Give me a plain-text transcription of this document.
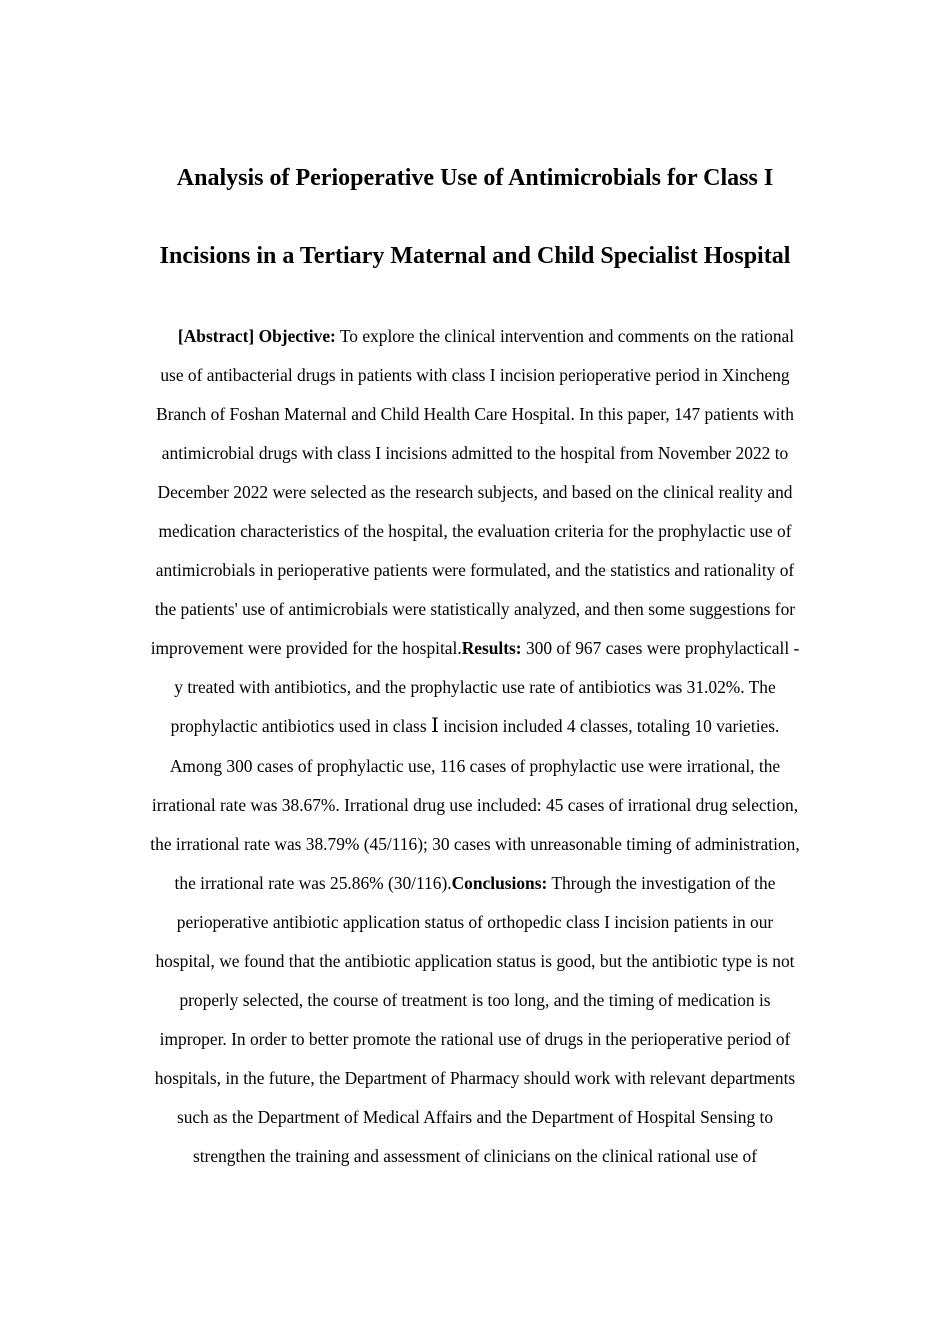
Analysis of Perioperative Use of Antimicrobials for Class I
Incisions in a Tertiary Maternal and Child Specialist Hospital
[Abstract] Objective: To explore the clinical intervention and comments on the rational
use of antibacterial drugs in patients with class I incision perioperative period in Xincheng
Branch of Foshan Maternal and Child Health Care Hospital. In this paper, 147 patients with
antimicrobial drugs with class I incisions admitted to the hospital from November 2022 to
December 2022 were selected as the research subjects, and based on the clinical reality and
medication characteristics of the hospital, the evaluation criteria for the prophylactic use of
antimicrobials in perioperative patients were formulated, and the statistics and rationality of
the patients' use of antimicrobials were statistically analyzed, and then some suggestions for
improvement were provided for the hospital.Results: 300 of 967 cases were prophylacticall -
y treated with antibiotics, and the prophylactic use rate of antibiotics was 31.02%. The
prophylactic antibiotics used in class Ⅰ incision included 4 classes, totaling 10 varieties.
Among 300 cases of prophylactic use, 116 cases of prophylactic use were irrational, the
irrational rate was 38.67%. Irrational drug use included: 45 cases of irrational drug selection,
the irrational rate was 38.79% (45/116); 30 cases with unreasonable timing of administration,
the irrational rate was 25.86% (30/116).Conclusions: Through the investigation of the
perioperative antibiotic application status of orthopedic class I incision patients in our
hospital, we found that the antibiotic application status is good, but the antibiotic type is not
properly selected, the course of treatment is too long, and the timing of medication is
improper. In order to better promote the rational use of drugs in the perioperative period of
hospitals, in the future, the Department of Pharmacy should work with relevant departments
such as the Department of Medical Affairs and the Department of Hospital Sensing to
strengthen the training and assessment of clinicians on the clinical rational use of
